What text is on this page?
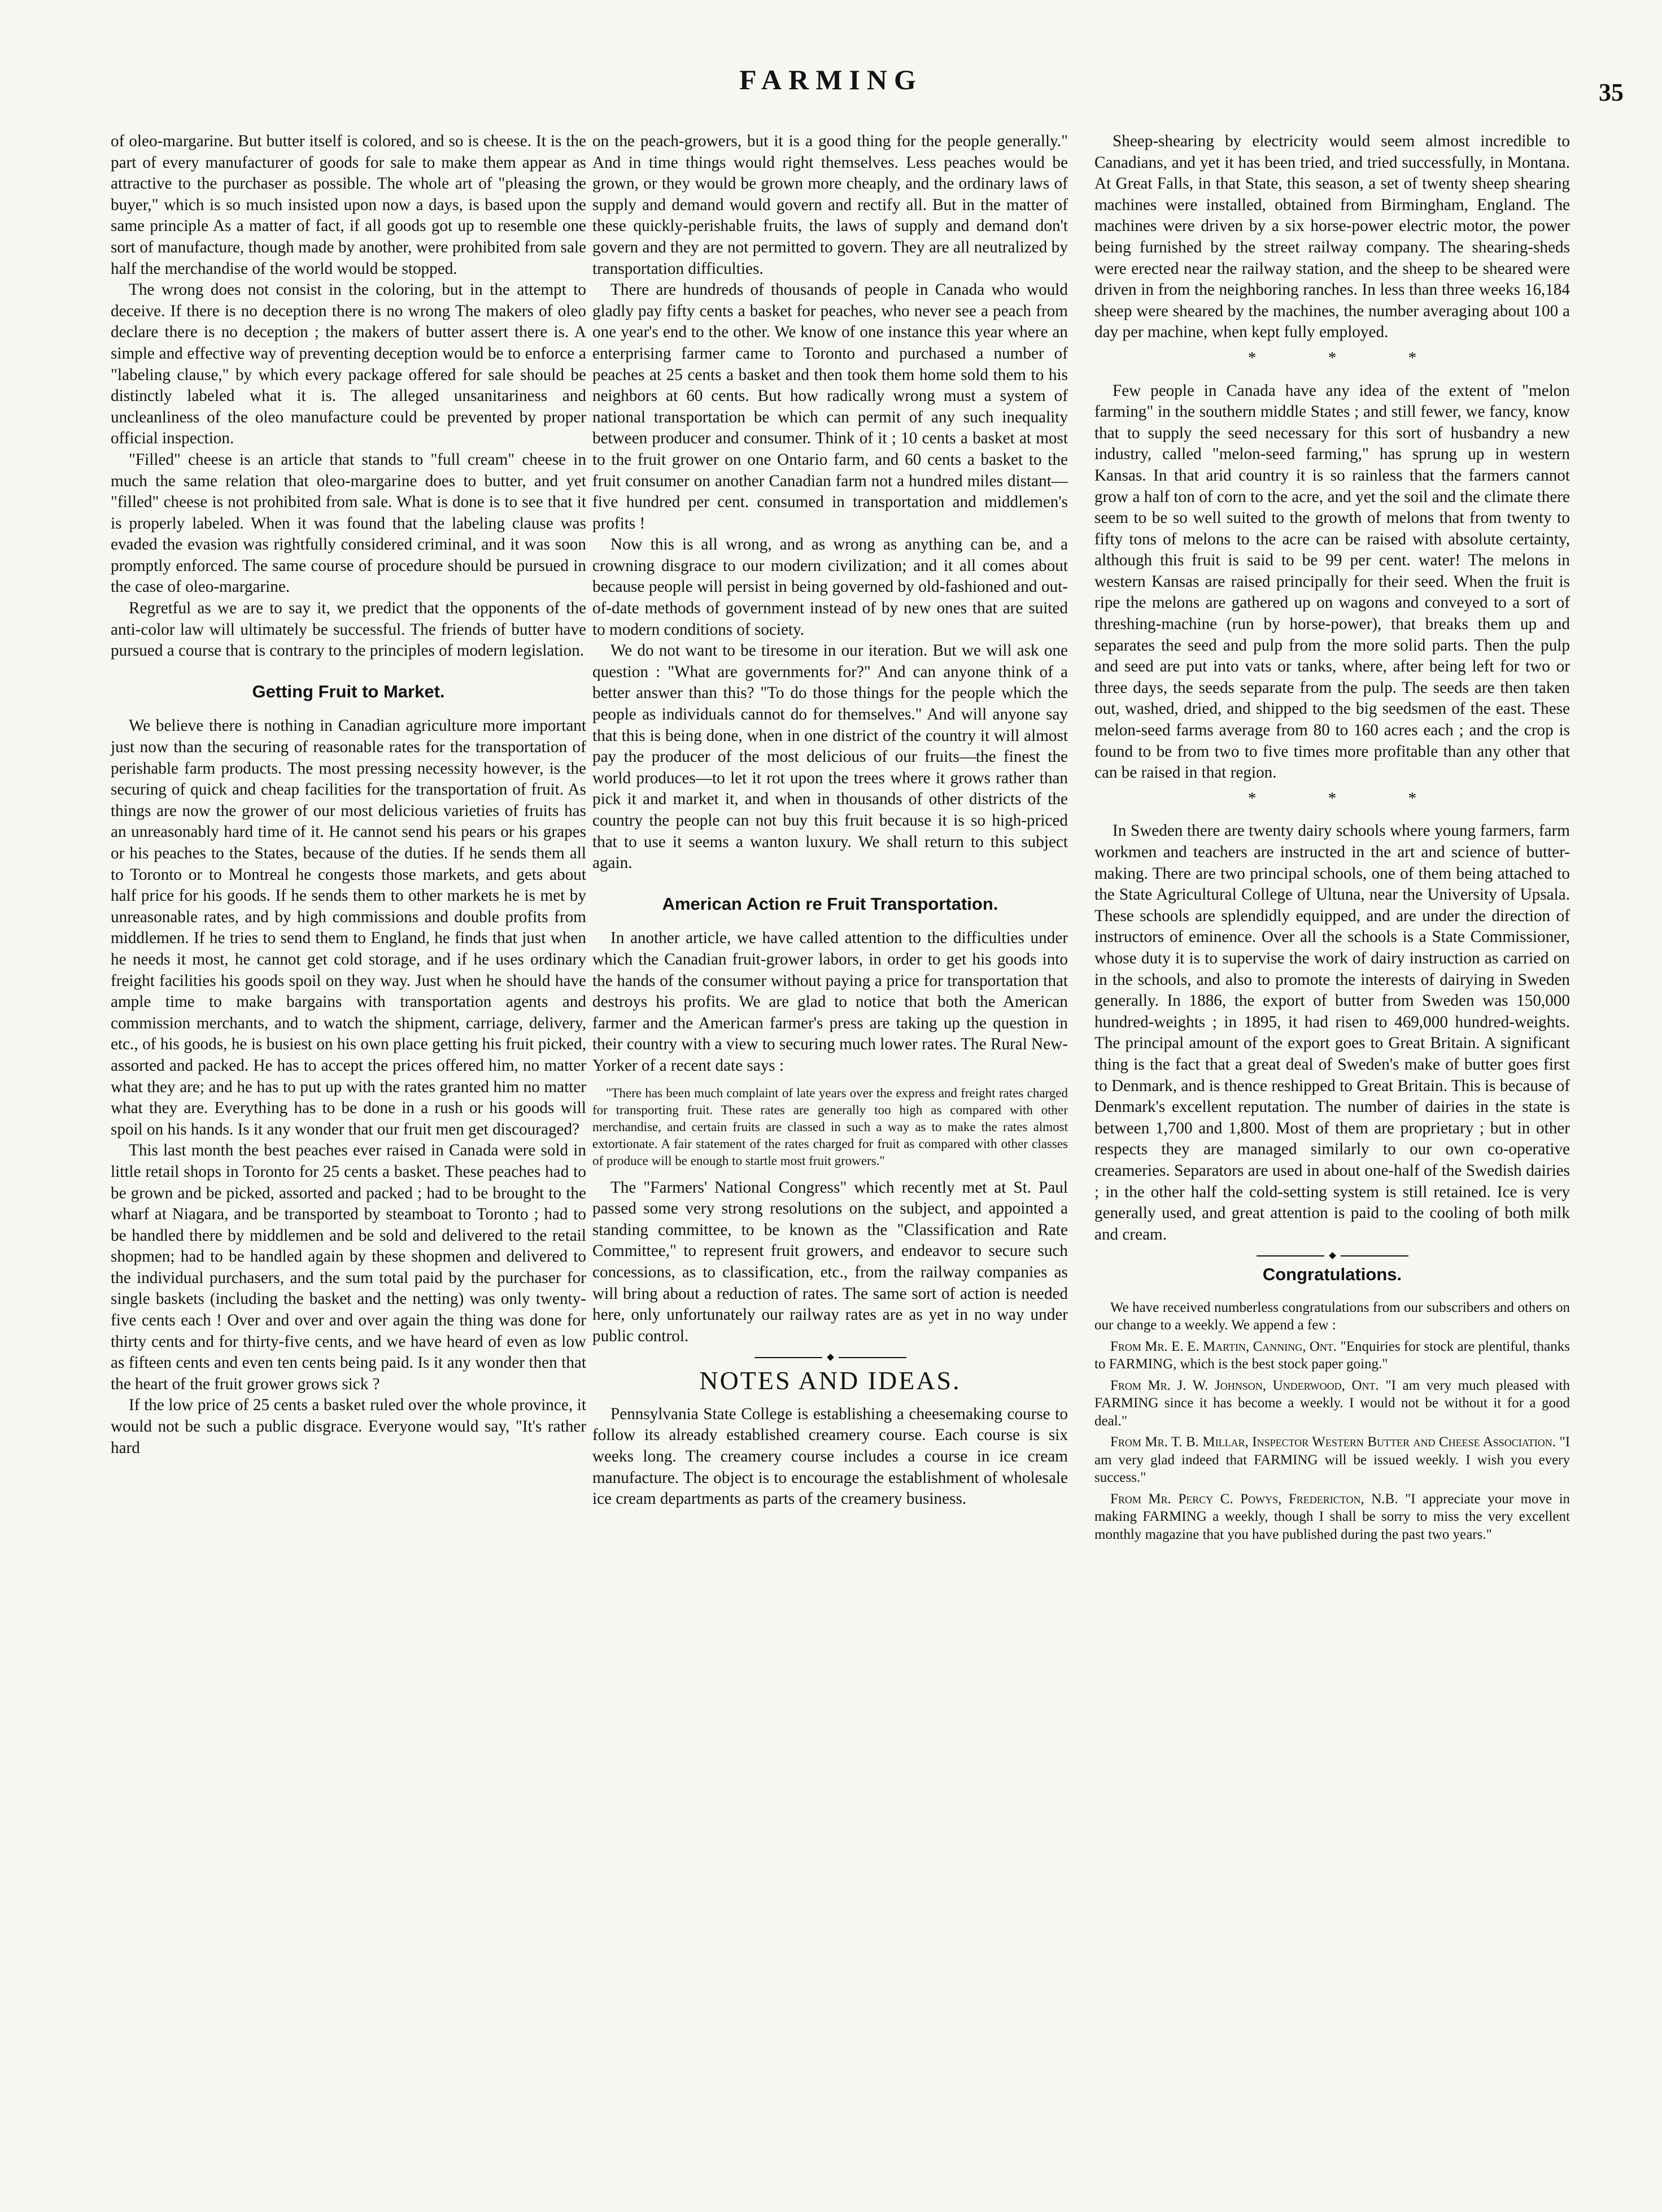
FARMING	35

of oleo-margarine. But butter itself is colored, and so is cheese. It is the part of every manufacturer of goods for sale to make them appear as attractive to the purchaser as possible. The whole art of "pleasing the buyer," which is so much insisted upon now a days, is based upon the same principle As a matter of fact, if all goods got up to resemble one sort of manufacture, though made by another, were prohibited from sale half the merchandise of the world would be stopped.

The wrong does not consist in the coloring, but in the attempt to deceive. If there is no deception there is no wrong The makers of oleo declare there is no deception ; the makers of butter assert there is. A simple and effective way of preventing deception would be to enforce a "labeling clause," by which every package offered for sale should be distinctly labeled what it is. The alleged unsanitariness and uncleanliness of the oleo manufacture could be prevented by proper official inspection.

"Filled" cheese is an article that stands to "full cream" cheese in much the same relation that oleo-margarine does to butter, and yet "filled" cheese is not prohibited from sale. What is done is to see that it is properly labeled. When it was found that the labeling clause was evaded the evasion was rightfully considered criminal, and it was soon promptly enforced. The same course of procedure should be pursued in the case of oleo-margarine.

Regretful as we are to say it, we predict that the opponents of the anti-color law will ultimately be successful. The friends of butter have pursued a course that is contrary to the principles of modern legislation.

Getting Fruit to Market.

We believe there is nothing in Canadian agriculture more important just now than the securing of reasonable rates for the transportation of perishable farm products. The most pressing necessity however, is the securing of quick and cheap facilities for the transportation of fruit. As things are now the grower of our most delicious varieties of fruits has an unreasonably hard time of it. He cannot send his pears or his grapes or his peaches to the States, because of the duties. If he sends them all to Toronto or to Montreal he congests those markets, and gets about half price for his goods. If he sends them to other markets he is met by unreasonable rates, and by high commissions and double profits from middlemen. If he tries to send them to England, he finds that just when he needs it most, he cannot get cold storage, and if he uses ordinary freight facilities his goods spoil on they way. Just when he should have ample time to make bargains with transportation agents and commission merchants, and to watch the shipment, carriage, delivery, etc., of his goods, he is busiest on his own place getting his fruit picked, assorted and packed. He has to accept the prices offered him, no matter what they are; and he has to put up with the rates granted him no matter what they are. Everything has to be done in a rush or his goods will spoil on his hands. Is it any wonder that our fruit men get discouraged?

This last month the best peaches ever raised in Canada were sold in little retail shops in Toronto for 25 cents a basket. These peaches had to be grown and be picked, assorted and packed ; had to be brought to the wharf at Niagara, and be transported by steamboat to Toronto ; had to be handled there by middlemen and be sold and delivered to the retail shopmen; had to be handled again by these shopmen and delivered to the individual purchasers, and the sum total paid by the purchaser for single baskets (including the basket and the netting) was only twenty-five cents each ! Over and over and over again the thing was done for thirty cents and for thirty-five cents, and we have heard of even as low as fifteen cents and even ten cents being paid. Is it any wonder then that the heart of the fruit grower grows sick ?

If the low price of 25 cents a basket ruled over the whole province, it would not be such a public disgrace. Everyone would say, "It's rather hard

on the peach-growers, but it is a good thing for the people generally." And in time things would right themselves. Less peaches would be grown, or they would be grown more cheaply, and the ordinary laws of supply and demand would govern and rectify all. But in the matter of these quickly-perishable fruits, the laws of supply and demand don't govern and they are not permitted to govern. They are all neutralized by transportation difficulties.

There are hundreds of thousands of people in Canada who would gladly pay fifty cents a basket for peaches, who never see a peach from one year's end to the other. We know of one instance this year where an enterprising farmer came to Toronto and purchased a number of peaches at 25 cents a basket and then took them home sold them to his neighbors at 60 cents. But how radically wrong must a system of national transportation be which can permit of any such inequality between producer and consumer. Think of it ; 10 cents a basket at most to the fruit grower on one Ontario farm, and 60 cents a basket to the fruit consumer on another Canadian farm not a hundred miles distant—five hundred per cent. consumed in transportation and middlemen's profits !

Now this is all wrong, and as wrong as anything can be, and a crowning disgrace to our modern civilization; and it all comes about because people will persist in being governed by old-fashioned and out-of-date methods of government instead of by new ones that are suited to modern conditions of society.

We do not want to be tiresome in our iteration. But we will ask one question : "What are governments for?" And can anyone think of a better answer than this? "To do those things for the people which the people as individuals cannot do for themselves." And will anyone say that this is being done, when in one district of the country it will almost pay the producer of the most delicious of our fruits—the finest the world produces—to let it rot upon the trees where it grows rather than pick it and market it, and when in thousands of other districts of the country the people can not buy this fruit because it is so high-priced that to use it seems a wanton luxury. We shall return to this subject again.

American Action re Fruit Transportation.

In another article, we have called attention to the difficulties under which the Canadian fruit-grower labors, in order to get his goods into the hands of the consumer without paying a price for transportation that destroys his profits. We are glad to notice that both the American farmer and the American farmer's press are taking up the question in their country with a view to securing much lower rates. The Rural New-Yorker of a recent date says :

"There has been much complaint of late years over the express and freight rates charged for transporting fruit. These rates are generally too high as compared with other merchandise, and certain fruits are classed in such a way as to make the rates almost extortionate. A fair statement of the rates charged for fruit as compared with other classes of produce will be enough to startle most fruit growers."

The "Farmers' National Congress" which recently met at St. Paul passed some very strong resolutions on the subject, and appointed a standing committee, to be known as the "Classification and Rate Committee," to represent fruit growers, and endeavor to secure such concessions, as to classification, etc., from the railway companies as will bring about a reduction of rates. The same sort of action is needed here, only unfortunately our railway rates are as yet in no way under public control.

NOTES AND IDEAS.

Pennsylvania State College is establishing a cheesemaking course to follow its already established creamery course. Each course is six weeks long. The creamery course includes a course in ice cream manufacture. The object is to encourage the establishment of wholesale ice cream departments as parts of the creamery business.

Sheep-shearing by electricity would seem almost incredible to Canadians, and yet it has been tried, and tried successfully, in Montana. At Great Falls, in that State, this season, a set of twenty sheep shearing machines were installed, obtained from Birmingham, England. The machines were driven by a six horse-power electric motor, the power being furnished by the street railway company. The shearing-sheds were erected near the railway station, and the sheep to be sheared were driven in from the neighboring ranches. In less than three weeks 16,184 sheep were sheared by the machines, the number averaging about 100 a day per machine, when kept fully employed.

* * *

Few people in Canada have any idea of the extent of "melon farming" in the southern middle States ; and still fewer, we fancy, know that to supply the seed necessary for this sort of husbandry a new industry, called "melon-seed farming," has sprung up in western Kansas. In that arid country it is so rainless that the farmers cannot grow a half ton of corn to the acre, and yet the soil and the climate there seem to be so well suited to the growth of melons that from twenty to fifty tons of melons to the acre can be raised with absolute certainty, although this fruit is said to be 99 per cent. water! The melons in western Kansas are raised principally for their seed. When the fruit is ripe the melons are gathered up on wagons and conveyed to a sort of threshing-machine (run by horse-power), that breaks them up and separates the seed and pulp from the more solid parts. Then the pulp and seed are put into vats or tanks, where, after being left for two or three days, the seeds separate from the pulp. The seeds are then taken out, washed, dried, and shipped to the big seedsmen of the east. These melon-seed farms average from 80 to 160 acres each ; and the crop is found to be from two to five times more profitable than any other that can be raised in that region.

* * *

In Sweden there are twenty dairy schools where young farmers, farm workmen and teachers are instructed in the art and science of butter-making. There are two principal schools, one of them being attached to the State Agricultural College of Ultuna, near the University of Upsala. These schools are splendidly equipped, and are under the direction of instructors of eminence. Over all the schools is a State Commissioner, whose duty it is to supervise the work of dairy instruction as carried on in the schools, and also to promote the interests of dairying in Sweden generally. In 1886, the export of butter from Sweden was 150,000 hundred-weights ; in 1895, it had risen to 469,000 hundred-weights. The principal amount of the export goes to Great Britain. A significant thing is the fact that a great deal of Sweden's make of butter goes first to Denmark, and is thence reshipped to Great Britain. This is because of Denmark's excellent reputation. The number of dairies in the state is between 1,700 and 1,800. Most of them are proprietary ; but in other respects they are managed similarly to our own co-operative creameries. Separators are used in about one-half of the Swedish dairies ; in the other half the cold-setting system is still retained. Ice is very generally used, and great attention is paid to the cooling of both milk and cream.

Congratulations.

We have received numberless congratulations from our subscribers and others on our change to a weekly. We append a few :

From Mr. E. E. Martin, Canning, Ont. "Enquiries for stock are plentiful, thanks to FARMING, which is the best stock paper going."

From Mr. J. W. Johnson, Underwood, Ont. "I am very much pleased with FARMING since it has become a weekly. I would not be without it for a good deal."

From Mr. T. B. Millar, Inspector Western Butter and Cheese Association. "I am very glad indeed that FARMING will be issued weekly. I wish you every success."

From Mr. Percy C. Powys, Fredericton, N.B. "I appreciate your move in making FARMING a weekly, though I shall be sorry to miss the very excellent monthly magazine that you have published during the past two years."
